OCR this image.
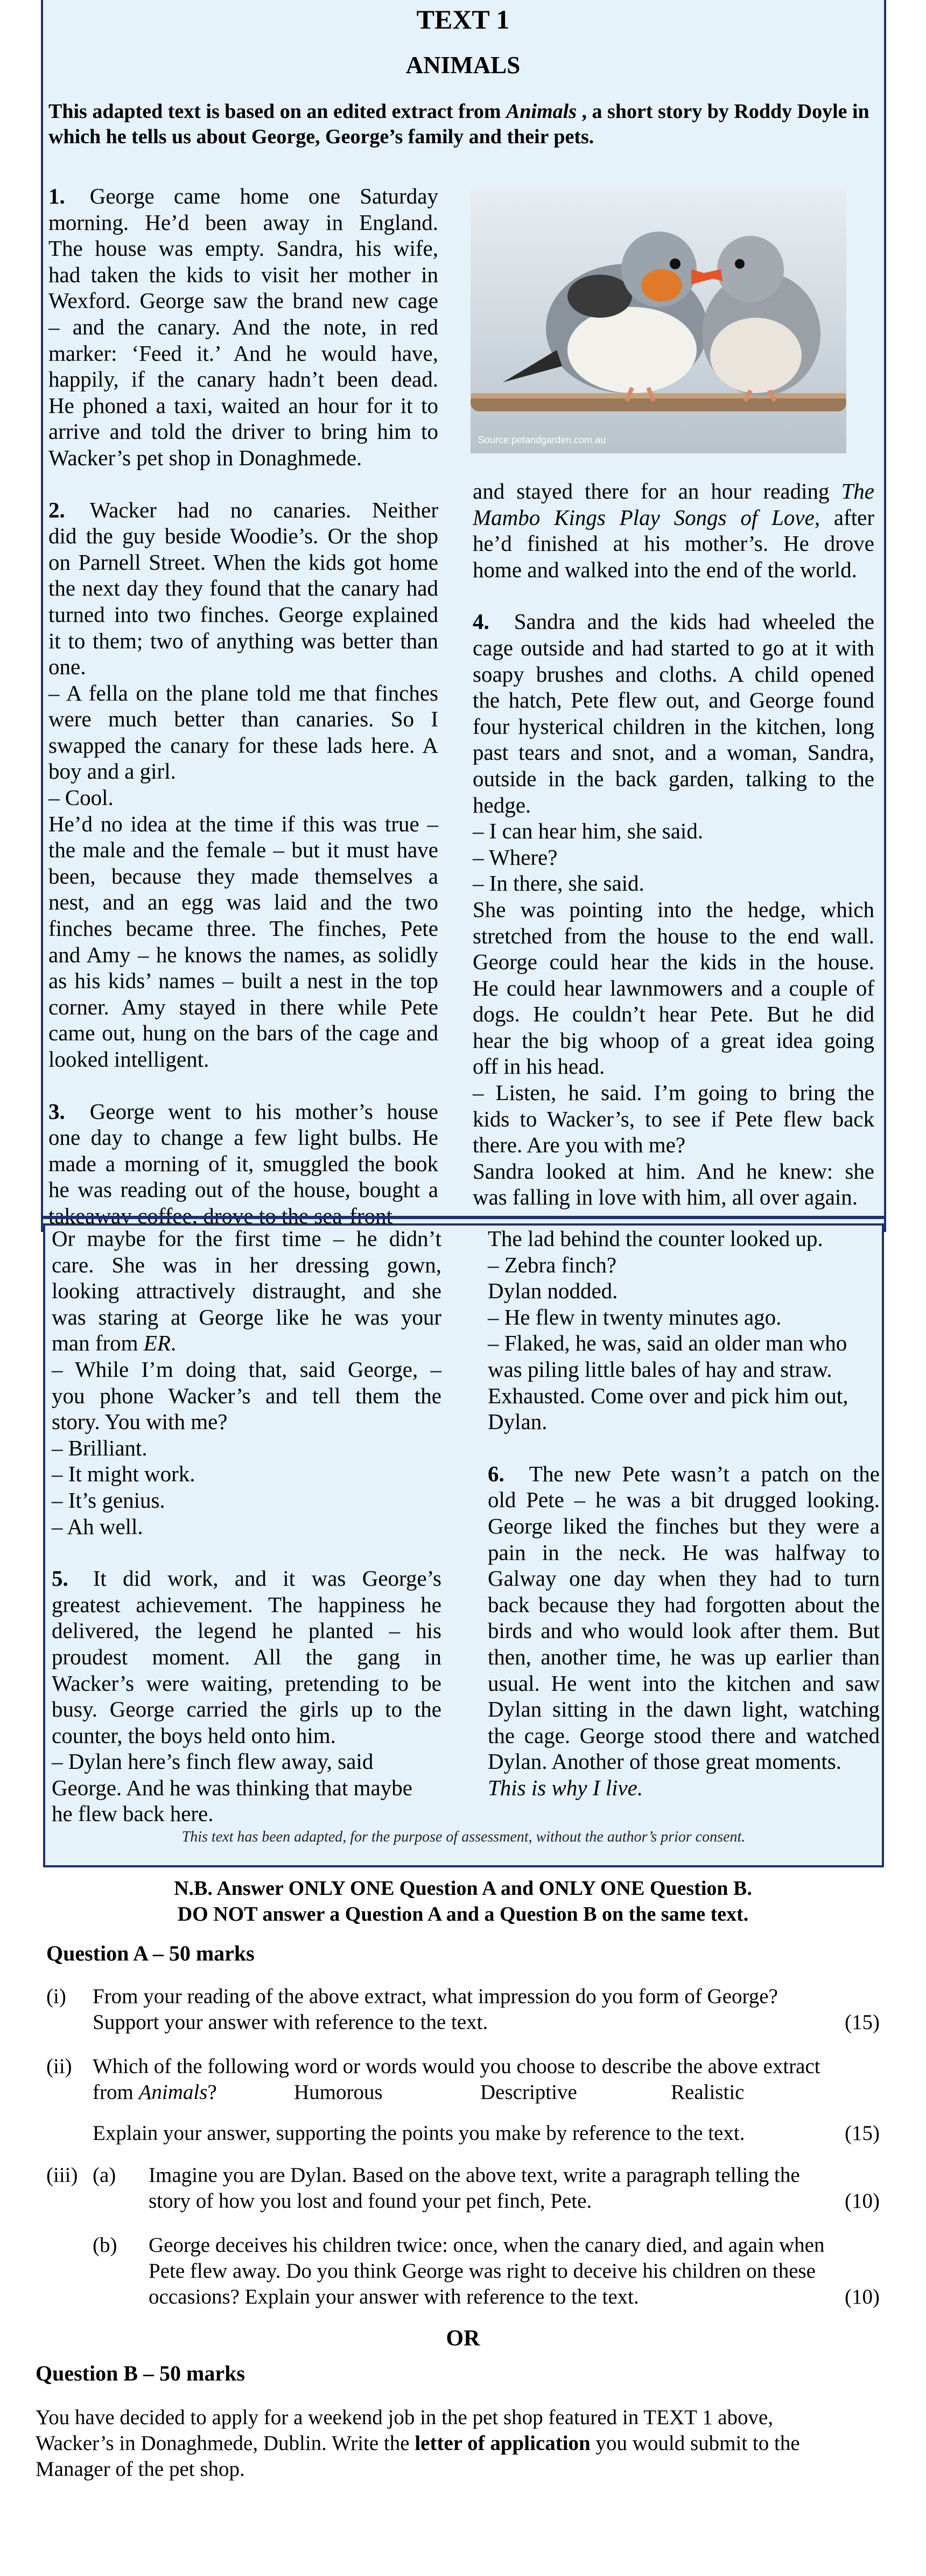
TEXT 1
ANIMALS
This adapted text is based on an edited extract from Animals , a short story by Roddy Doyle in which he tells us about George, George’s family and their pets.
Source:petandgarden.com.au

1. George came home one Saturday

morning. He’d been away in England.

The house was empty. Sandra, his wife,

had taken the kids to visit her mother in

Wexford. George saw the brand new cage

– and the canary. And the note, in red

marker: ‘Feed it.’ And he would have,

happily, if the canary hadn’t been dead.

He phoned a taxi, waited an hour for it to

arrive and told the driver to bring him to

Wacker’s pet shop in Donaghmede.

2. Wacker had no canaries. Neither

did the guy beside Woodie’s. Or the shop

on Parnell Street. When the kids got home

the next day they found that the canary had

turned into two finches. George explained

it to them; two of anything was better than

one.

– A fella on the plane told me that finches

were much better than canaries. So I

swapped the canary for these lads here. A

boy and a girl.

– Cool.

He’d no idea at the time if this was true –

the male and the female – but it must have

been, because they made themselves a

nest, and an egg was laid and the two

finches became three. The finches, Pete

and Amy – he knows the names, as solidly

as his kids’ names – built a nest in the top

corner. Amy stayed in there while Pete

came out, hung on the bars of the cage and

looked intelligent.

3. George went to his mother’s house

one day to change a few light bulbs. He

made a morning of it, smuggled the book

he was reading out of the house, bought a

and stayed there for an hour reading The

Mambo Kings Play Songs of Love, after

he’d finished at his mother’s. He drove

home and walked into the end of the world.

4. Sandra and the kids had wheeled the

cage outside and had started to go at it with

soapy brushes and cloths. A child opened

the hatch, Pete flew out, and George found

four hysterical children in the kitchen, long

past tears and snot, and a woman, Sandra,

outside in the back garden, talking to the

hedge.

– I can hear him, she said.

– Where?

– In there, she said.

She was pointing into the hedge, which

stretched from the house to the end wall.

George could hear the kids in the house.

He could hear lawnmowers and a couple of

dogs. He couldn’t hear Pete. But he did

hear the big whoop of a great idea going

off in his head.

– Listen, he said. I’m going to bring the

kids to Wacker’s, to see if Pete flew back

there. Are you with me?

Sandra looked at him. And he knew: she

was falling in love with him, all over again.

Or maybe for the first time – he didn’t

care. She was in her dressing gown,

looking attractively distraught, and she

was staring at George like he was your

man from ER.

– While I’m doing that, said George, –

you phone Wacker’s and tell them the

story. You with me?

– Brilliant.

– It might work.

– It’s genius.

– Ah well.

5. It did work, and it was George’s

greatest achievement. The happiness he

delivered, the legend he planted – his

proudest moment. All the gang in

Wacker’s were waiting, pretending to be

busy. George carried the girls up to the

counter, the boys held onto him.

– Dylan here’s finch flew away, said

George. And he was thinking that maybe

he flew back here.

The lad behind the counter looked up.

– Zebra finch?

Dylan nodded.

– He flew in twenty minutes ago.

– Flaked, he was, said an older man who

was piling little bales of hay and straw.

Exhausted. Come over and pick him out,

Dylan.

6. The new Pete wasn’t a patch on the

old Pete – he was a bit drugged looking.

George liked the finches but they were a

pain in the neck. He was halfway to

Galway one day when they had to turn

back because they had forgotten about the

birds and who would look after them. But

then, another time, he was up earlier than

usual. He went into the kitchen and saw

Dylan sitting in the dawn light, watching

the cage. George stood there and watched

Dylan. Another of those great moments.

This is why I live.

This text has been adapted, for the purpose of assessment, without the author’s prior consent.
N.B. Answer ONLY ONE Question A and ONLY ONE Question B.
DO NOT answer a Question A and a Question B on the same text.
Question A – 50 marks
(i) From your reading of the above extract, what impression do you form of George?
Support your answer with reference to the text.	(15)
(ii) Which of the following word or words would you choose to describe the above extract
from Animals?	Humorous	Descriptive	Realistic
Explain your answer, supporting the points you make by reference to the text.	(15)
(iii) (a) Imagine you are Dylan. Based on the above text, write a paragraph telling the
story of how you lost and found your pet finch, Pete.	(10)
(b) George deceives his children twice: once, when the canary died, and again when
Pete flew away. Do you think George was right to deceive his children on these
occasions? Explain your answer with reference to the text.	(10)
OR
Question B – 50 marks
You have decided to apply for a weekend job in the pet shop featured in TEXT 1 above,
Wacker’s in Donaghmede, Dublin. Write the letter of application you would submit to the
Manager of the pet shop.
